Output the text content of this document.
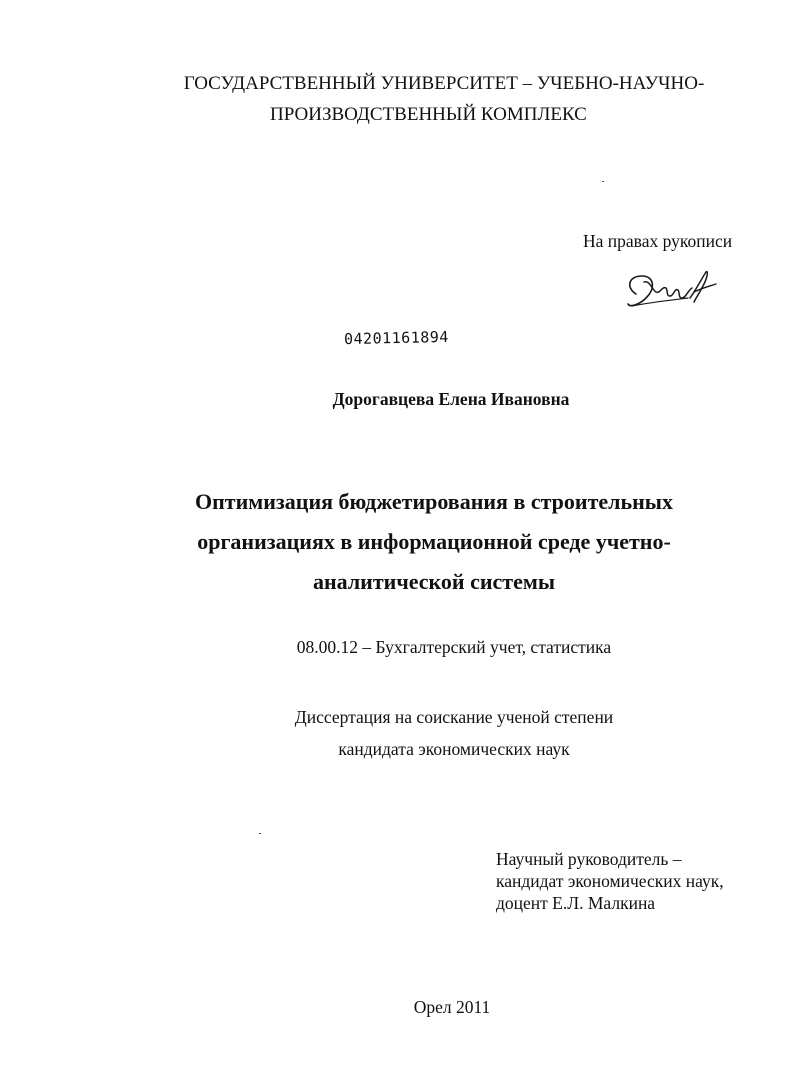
ГОСУДАРСТВЕННЫЙ УНИВЕРСИТЕТ – УЧЕБНО-НАУЧНО-
ПРОИЗВОДСТВЕННЫЙ КОМПЛЕКС
На правах рукописи
04201161894
Дорогавцева Елена Ивановна
Оптимизация бюджетирования в строительных
организациях в информационной среде учетно-
аналитической системы
08.00.12 – Бухгалтерский учет, статистика
Диссертация на соискание ученой степени
кандидата экономических наук
Научный руководитель –
кандидат экономических наук,
доцент Е.Л. Малкина
Орел 2011
